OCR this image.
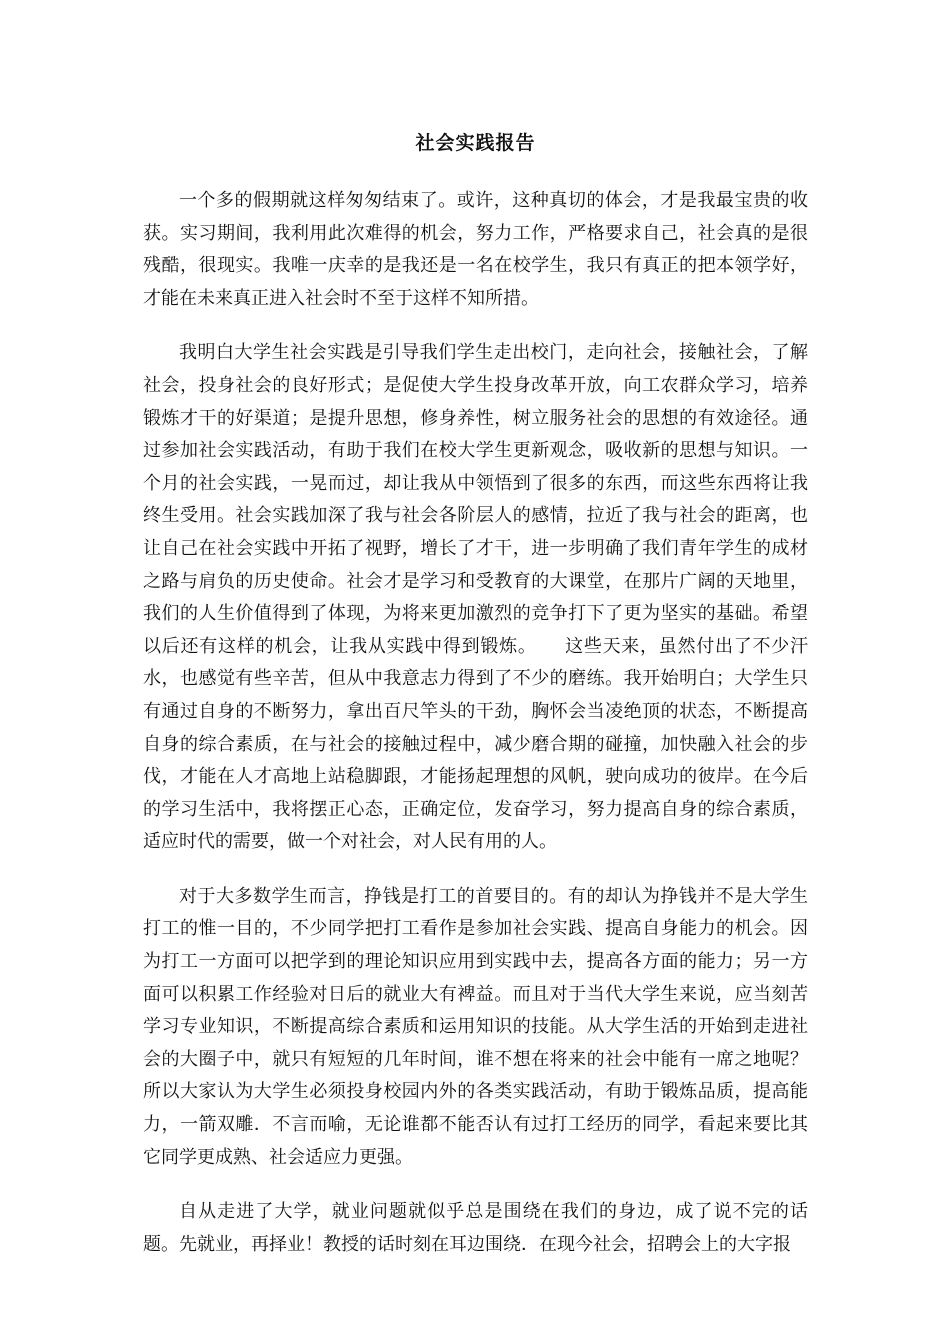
社会实践报告

一个多的假期就这样匆匆结束了。或许，这种真切的体会，才是我最宝贵的收获。实习期间，我利用此次难得的机会，努力工作，严格要求自己，社会真的是很残酷，很现实。我唯一庆幸的是我还是一名在校学生，我只有真正的把本领学好，才能在未来真正进入社会时不至于这样不知所措。

我明白大学生社会实践是引导我们学生走出校门，走向社会，接触社会，了解社会，投身社会的良好形式；是促使大学生投身改革开放，向工农群众学习，培养锻炼才干的好渠道；是提升思想，修身养性，树立服务社会的思想的有效途径。通过参加社会实践活动，有助于我们在校大学生更新观念，吸收新的思想与知识。一个月的社会实践，一晃而过，却让我从中领悟到了很多的东西，而这些东西将让我终生受用。社会实践加深了我与社会各阶层人的感情，拉近了我与社会的距离，也让自己在社会实践中开拓了视野，增长了才干，进一步明确了我们青年学生的成材之路与肩负的历史使命。社会才是学习和受教育的大课堂，在那片广阔的天地里，我们的人生价值得到了体现，为将来更加激烈的竞争打下了更为坚实的基础。希望以后还有这样的机会，让我从实践中得到锻炼。　　这些天来，虽然付出了不少汗水，也感觉有些辛苦，但从中我意志力得到了不少的磨练。我开始明白；大学生只有通过自身的不断努力，拿出百尺竿头的干劲，胸怀会当凌绝顶的状态，不断提高自身的综合素质，在与社会的接触过程中，减少磨合期的碰撞，加快融入社会的步伐，才能在人才高地上站稳脚跟，才能扬起理想的风帆，驶向成功的彼岸。在今后的学习生活中，我将摆正心态，正确定位，发奋学习，努力提高自身的综合素质，适应时代的需要，做一个对社会，对人民有用的人。

对于大多数学生而言，挣钱是打工的首要目的。有的却认为挣钱并不是大学生打工的惟一目的，不少同学把打工看作是参加社会实践、提高自身能力的机会。因为打工一方面可以把学到的理论知识应用到实践中去，提高各方面的能力；另一方面可以积累工作经验对日后的就业大有裨益。而且对于当代大学生来说，应当刻苦学习专业知识，不断提高综合素质和运用知识的技能。从大学生活的开始到走进社会的大圈子中，就只有短短的几年时间，谁不想在将来的社会中能有一席之地呢？所以大家认为大学生必须投身校园内外的各类实践活动，有助于锻炼品质，提高能力，一箭双雕．不言而喻，无论谁都不能否认有过打工经历的同学，看起来要比其它同学更成熟、社会适应力更强。

自从走进了大学，就业问题就似乎总是围绕在我们的身边，成了说不完的话题。先就业，再择业！教授的话时刻在耳边围绕．在现今社会，招聘会上的大字报
